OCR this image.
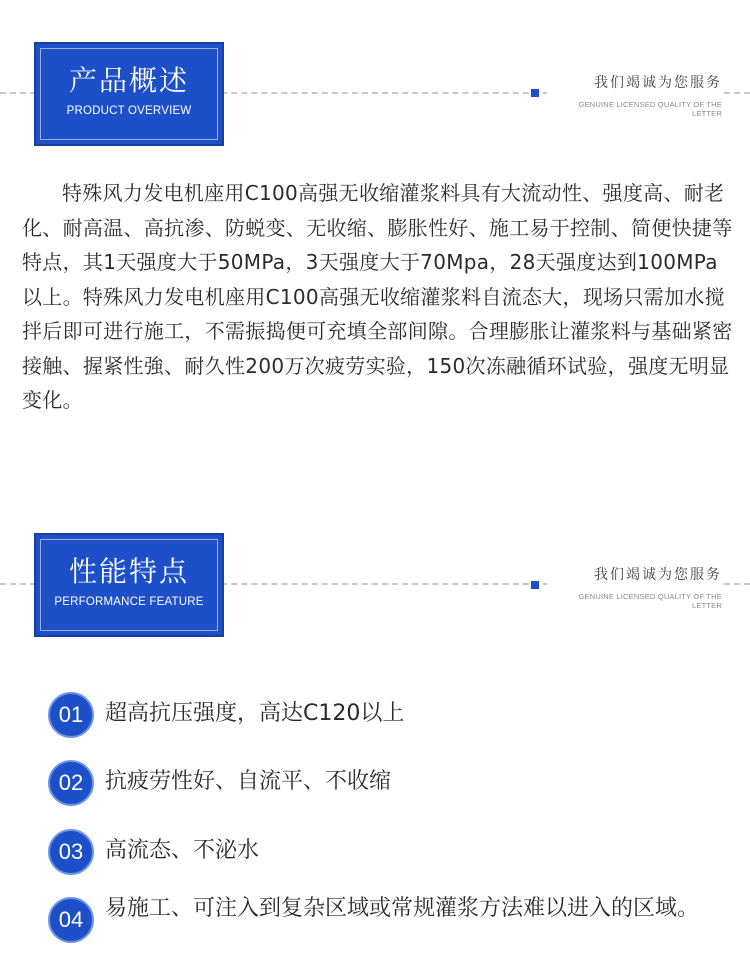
产品概述
PRODUCT OVERVIEW
我们竭诚为您服务
GENUINE LICENSED QUALITY OF THE LETTER

特殊风力发电机座用C100高强无收缩灌浆料具有大流动性、强度高、耐老化、耐高温、高抗渗、防蜕变、无收缩、膨胀性好、施工易于控制、简便快捷等特点，其1天强度大于50MPa，3天强度大于70Mpa，28天强度达到100MPa以上。特殊风力发电机座用C100高强无收缩灌浆料自流态大，现场只需加水搅拌后即可进行施工，不需振捣便可充填全部间隙。合理膨胀让灌浆料与基础紧密接触、握紧性強、耐久性200万次疲劳实验，150次冻融循环试验，强度无明显变化。

性能特点
PERFORMANCE FEATURE
我们竭诚为您服务
GENUINE LICENSED QUALITY OF THE LETTER
01 超高抗压强度，高达C120以上
02 抗疲劳性好、自流平、不收缩
03 高流态、不泌水
04 易施工、可注入到复杂区域或常规灌浆方法难以进入的区域。
